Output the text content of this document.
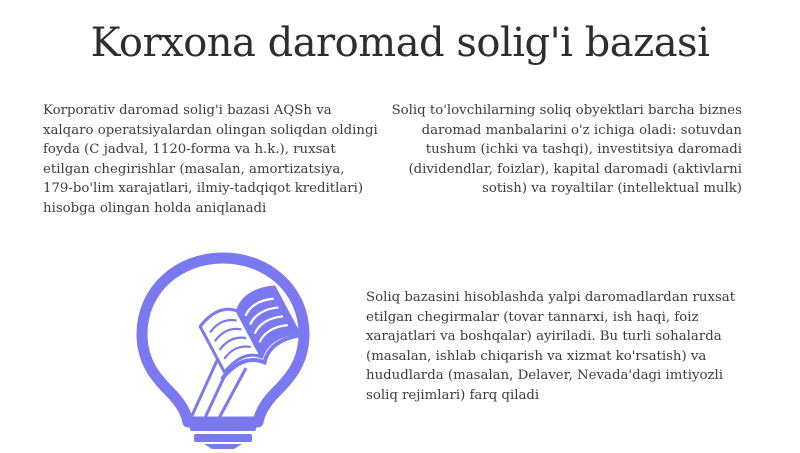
Korxona daromad solig'i bazasi
Korporativ daromad solig'i bazasi AQSh va xalqaro operatsiyalardan olingan soliqdan oldingi foyda (C jadval, 1120-forma va h.k.), ruxsat etilgan chegirishlar (masalan, amortizatsiya, 179-bo'lim xarajatlari, ilmiy-tadqiqot kreditlari) hisobga olingan holda aniqlanadi
Soliq to'lovchilarning soliq obyektlari barcha biznes daromad manbalarini o'z ichiga oladi: sotuvdan tushum (ichki va tashqi), investitsiya daromadi (dividendlar, foizlar), kapital daromadi (aktivlarni sotish) va royaltilar (intellektual mulk)
Soliq bazasini hisoblashda yalpi daromadlardan ruxsat etilgan chegirmalar (tovar tannarxi, ish haqi, foiz xarajatlari va boshqalar) ayiriladi. Bu turli sohalarda (masalan, ishlab chiqarish va xizmat ko'rsatish) va hududlarda (masalan, Delaver, Nevada'dagi imtiyozli soliq rejimlari) farq qiladi
